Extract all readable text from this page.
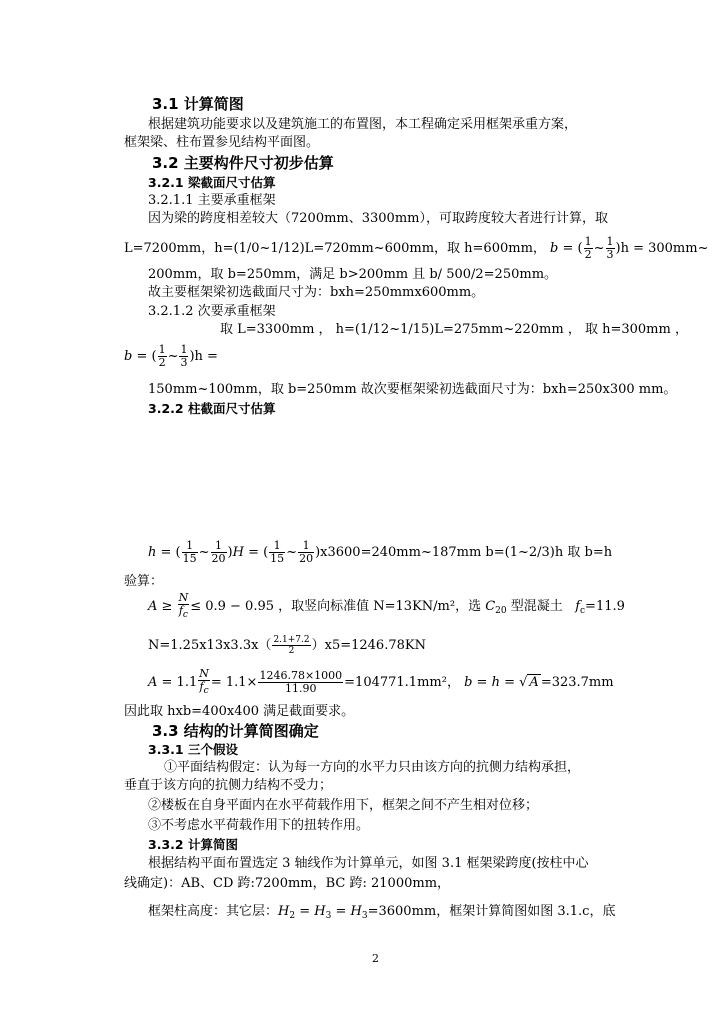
3.1 计算简图
根据建筑功能要求以及建筑施工的布置图，本工程确定采用框架承重方案，
框架梁、柱布置参见结构平面图。
3.2 主要构件尺寸初步估算
3.2.1 梁截面尺寸估算
3.2.1.1 主要承重框架
因为梁的跨度相差较大（7200mm、3300mm），可取跨度较大者进行计算，取
L=7200mm，h=(1/0~1/12)L=720mm~600mm，取 h=600mm， b = ( $\frac{1}{2}$ ~ $\frac{1}{3} )h$ = 300mm~
200mm，取 b=250mm，满足 b>200mm 且 b/ 500/2=250mm。
故主要框架梁初选截面尺寸为：bxh=250mmx600mm。
3.2.1.2 次要承重框架
取 L=3300mm ， h=(1/12~1/15)L=275mm~220mm ， 取 h=300mm ，
b = ( $\frac{1}{2}$ ~ $\frac{1}{3} )h$ =
150mm~100mm，取 b=250mm 故次要框架梁初选截面尺寸为：bxh=250x300 mm。
3.2.2 柱截面尺寸估算
h = ( $\frac{1}{15}$ ~ $\frac{1}{20} )H$ = ( $\frac{1}{15}$ ~ $\frac{1}{20}$ )x3600=240mm~187mm b=(1~2/3)h 取 b=h
验算：
$A \ge \frac{N}{f_c} \le 0.9 - 0.95$ ，取竖向标准值 N=13KN/m²，选 $C_{20}$ 型混凝土 $f_c=11.9$
$N=1.25x13x3.3x( \frac{2.1+7.2}{2} )x5=1246.78KN$
$A = 1.1 \frac{N}{f_c} = 1.1\times \frac{1246.78\times 1000}{11.90} =104771.1mm^2$， b = h = √ A =323.7mm
因此取 hxb=400x400 满足截面要求。
3.3 结构的计算简图确定
3.3.1 三个假设
①平面结构假定：认为每一方向的水平力只由该方向的抗侧力结构承担，
垂直于该方向的抗侧力结构不受力；
②楼板在自身平面内在水平荷载作用下，框架之间不产生相对位移；
③不考虑水平荷载作用下的扭转作用。
3.3.2 计算简图
根据结构平面布置选定 3 轴线作为计算单元，如图 3.1 框架梁跨度(按柱中心
线确定)：AB、CD 跨:7200mm，BC 跨: 21000mm，
框架柱高度：其它层：$H_2 = H_3 = H_3=3600mm$，框架计算简图如图 3.1.c，底
2
